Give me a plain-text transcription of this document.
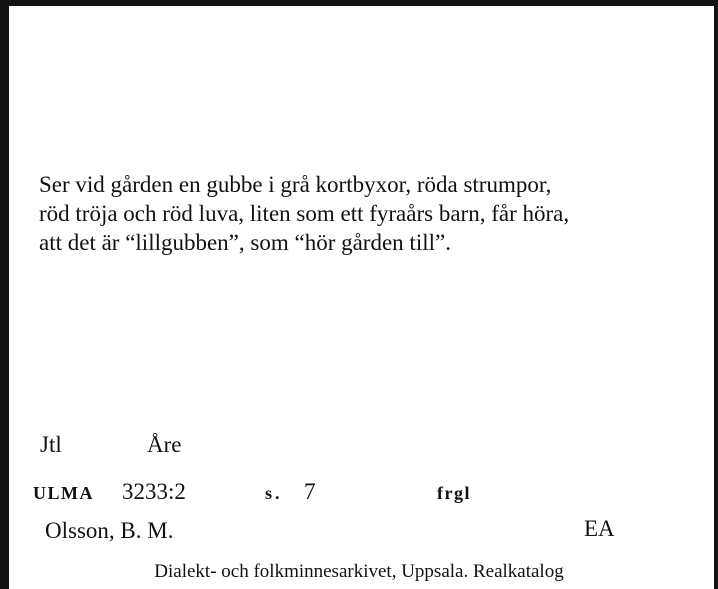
Ser vid gården en gubbe i grå kortbyxor, röda strumpor,
röd tröja och röd luva, liten som ett fyraårs barn, får höra,
att det är “lillgubben”, som “hör gården till”.
Jtl	Åre
ULMA 3233:2	s. 7	frgl
Olsson, B. M.	EA
Dialekt- och folkminnesarkivet, Uppsala. Realkatalog
